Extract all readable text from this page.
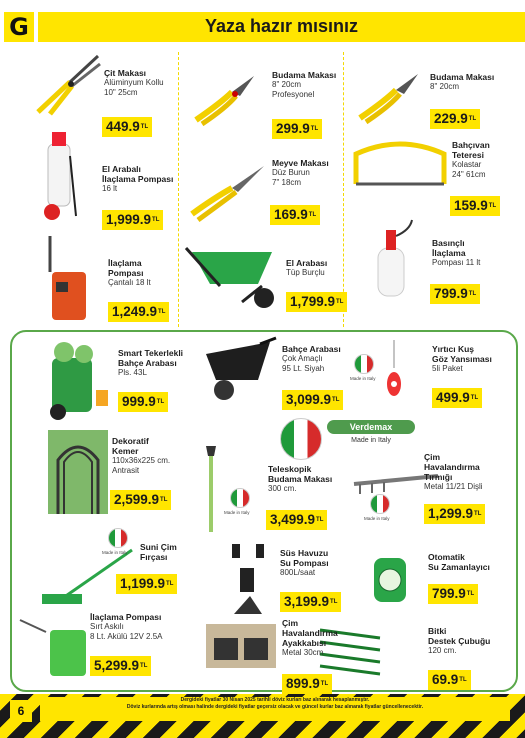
G	Yaza hazır mısınız
Verdemax
Made in Italy
Made in Italy
Made in Italy
Made in Italy
Made in Italy
Çit Makası
Alüminyum Kollu
10" 25cm
449.9TL
Budama Makası
8" 20cm
Profesyonel
299.9TL
Budama Makası
8" 20cm
229.9TL
El Arabalı
İlaçlama Pompası
16 lt
1,999.9TL
Meyve Makası
Düz Burun
7" 18cm
169.9TL
Bahçıvan
Teteresi
Kolastar
24" 61cm
159.9TL
İlaçlama
Pompası
Çantalı 18 lt
1,249.9TL
El Arabası
Tüp Burçlu
1,799.9TL
Basınçlı
İlaçlama
Pompası 11 lt
799.9TL
Smart Tekerlekli
Bahçe Arabası
Pls. 43L
999.9TL
Bahçe Arabası
Çok Amaçlı
95 Lt. Siyah
3,099.9TL
Yırtıcı Kuş
Göz Yansıması
5li Paket
499.9TL
Dekoratif
Kemer
110x36x225 cm.
Antrasit
2,599.9TL
Teleskopik
Budama Makası
300 cm.
3,499.9TL
Çim
Havalandırma
Tırmığı
Metal 11/21 Dişli
1,299.9TL
Suni Çim
Fırçası
1,199.9TL
Süs Havuzu
Su Pompası
800L/saat
3,199.9TL
Otomatik
Su Zamanlayıcı
799.9TL
İlaçlama Pompası
Sırt Askılı
8 Lt. Akülü 12V 2.5A
5,299.9TL
Çim
Havalandırma
Ayakkabısı
Metal 30cm
899.9TL
Bitki
Destek Çubuğu
120 cm.
69.9TL
Dergideki fiyatlar 30 Nisan 2025 tarihli döviz kurları baz alınarak hesaplanmıştır.
Döviz kurlarında artış olması halinde dergideki fiyatlar geçersiz olacak ve güncel kurlar baz alınarak fiyatlar güncellenecektir.
6
